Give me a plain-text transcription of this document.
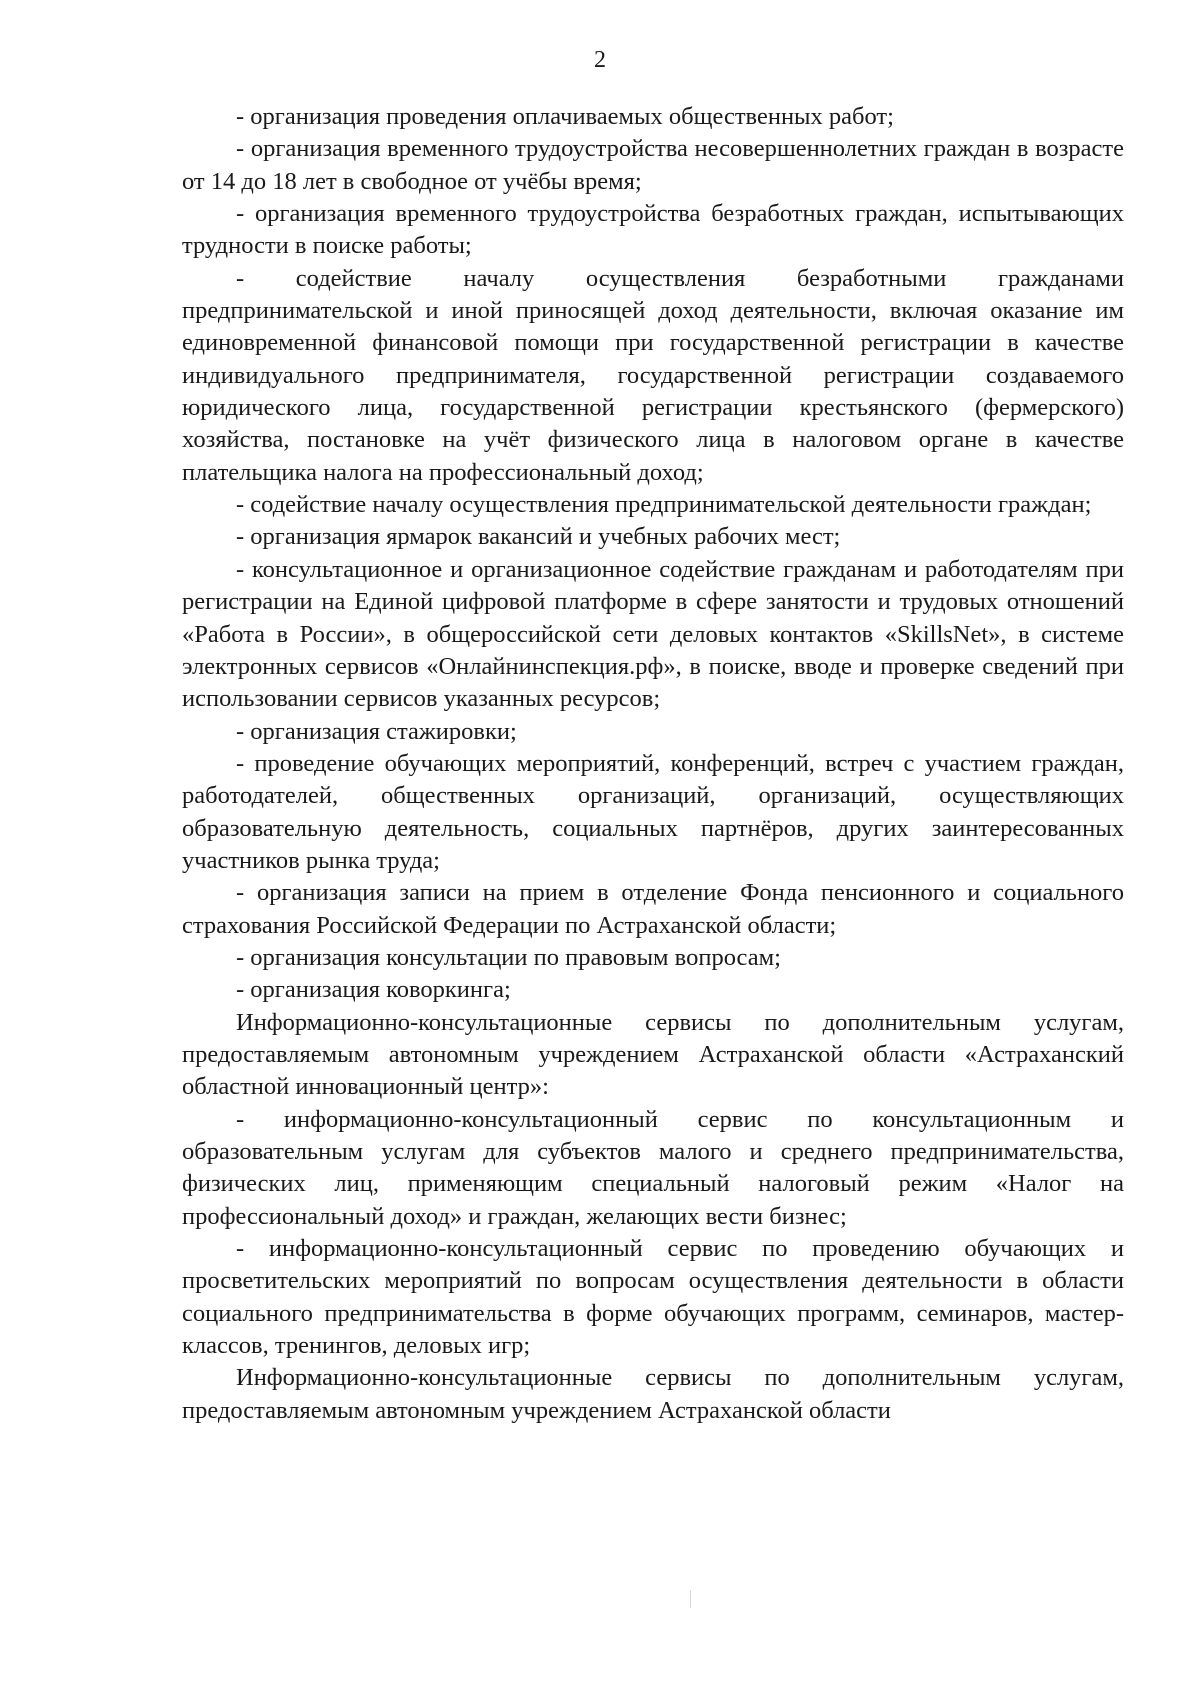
2

- организация проведения оплачиваемых общественных работ;

- организация временного трудоустройства несовершеннолетних граждан в возрасте от 14 до 18 лет в свободное от учёбы время;

- организация временного трудоустройства безработных граждан, испытывающих трудности в поиске работы;

- содействие началу осуществления безработными гражданами предпринимательской и иной приносящей доход деятельности, включая оказание им единовременной финансовой помощи при государственной регистрации в качестве индивидуального предпринимателя, государственной регистрации создаваемого юридического лица, государственной регистрации крестьянского (фермерского) хозяйства, постановке на учёт физического лица в налоговом органе в качестве плательщика налога на профессиональный доход;

- содействие началу осуществления предпринимательской деятельности граждан;

- организация ярмарок вакансий и учебных рабочих мест;

- консультационное и организационное содействие гражданам и работодателям при регистрации на Единой цифровой платформе в сфере занятости и трудовых отношений «Работа в России», в общероссийской сети деловых контактов «SkillsNet», в системе электронных сервисов «Онлайнинспекция.рф», в поиске, вводе и проверке сведений при использовании сервисов указанных ресурсов;

- организация стажировки;

- проведение обучающих мероприятий, конференций, встреч с участием граждан, работодателей, общественных организаций, организаций, осуществляющих образовательную деятельность, социальных партнёров, других заинтересованных участников рынка труда;

- организация записи на прием в отделение Фонда пенсионного и социального страхования Российской Федерации по Астраханской области;

- организация консультации по правовым вопросам;

- организация коворкинга;

Информационно-консультационные сервисы по дополнительным услугам, предоставляемым автономным учреждением Астраханской области «Астраханский областной инновационный центр»:

- информационно-консультационный сервис по консультационным и образовательным услугам для субъектов малого и среднего предпринимательства, физических лиц, применяющим специальный налоговый режим «Налог на профессиональный доход» и граждан, желающих вести бизнес;

- информационно-консультационный сервис по проведению обучающих и просветительских мероприятий по вопросам осуществления деятельности в области социального предпринимательства в форме обучающих программ, семинаров, мастер-классов, тренингов, деловых игр;

Информационно-консультационные сервисы по дополнительным услугам, предоставляемым автономным учреждением Астраханской области
